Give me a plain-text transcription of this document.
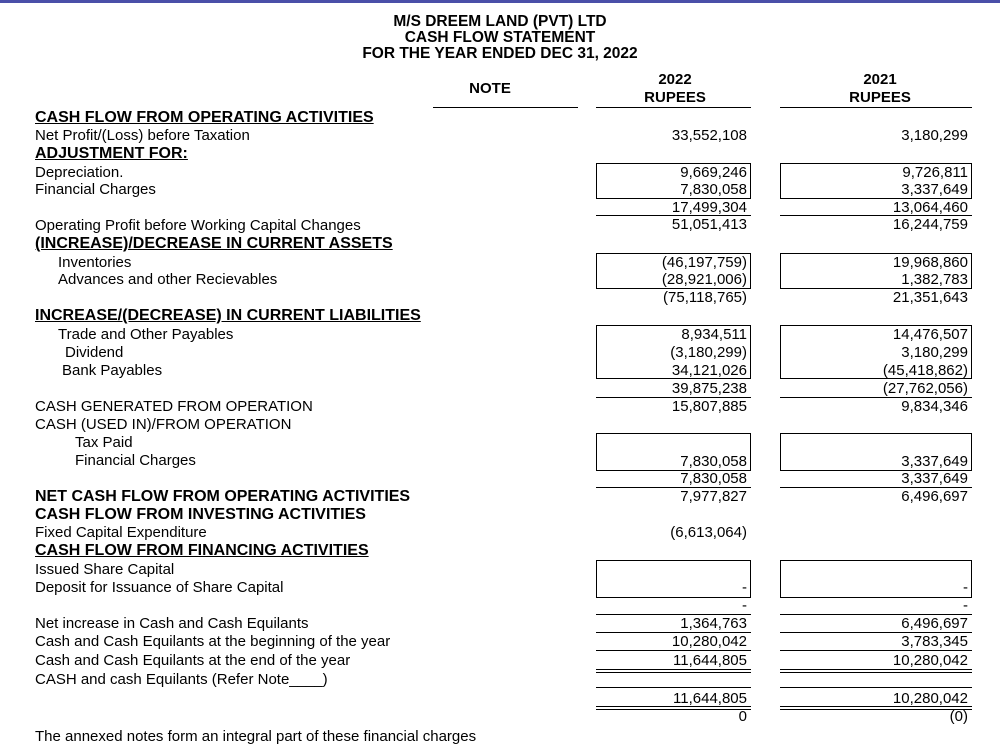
M/S DREEM LAND (PVT) LTD
CASH FLOW STATEMENT
FOR THE YEAR ENDED DEC 31, 2022
NOTE
2022
RUPEES
2021
RUPEES
CASH FLOW FROM OPERATING ACTIVITIES
Net Profit/(Loss) before Taxation	33,552,108	3,180,299
ADJUSTMENT FOR:
Depreciation.	9,669,246	9,726,811
Financial Charges	7,830,058	3,337,649
17,499,304	13,064,460
Operating Profit before Working Capital Changes	51,051,413	16,244,759
(INCREASE)/DECREASE IN CURRENT ASSETS
Inventories	(46,197,759)	19,968,860
Advances and other Recievables	(28,921,006)	1,382,783
(75,118,765)	21,351,643
INCREASE/(DECREASE) IN CURRENT LIABILITIES
Trade and Other Payables	8,934,511	14,476,507
Dividend	(3,180,299)	3,180,299
Bank Payables	34,121,026	(45,418,862)
39,875,238	(27,762,056)
CASH GENERATED FROM OPERATION	15,807,885	9,834,346
CASH (USED IN)/FROM OPERATION
Tax Paid
Financial Charges	7,830,058	3,337,649
7,830,058	3,337,649
NET CASH FLOW FROM OPERATING ACTIVITIES	7,977,827	6,496,697
CASH FLOW FROM INVESTING ACTIVITIES
Fixed Capital Expenditure	(6,613,064)
CASH FLOW FROM FINANCING ACTIVITIES
Issued Share Capital
Deposit for Issuance of Share Capital	-	-
-	-
Net increase in Cash and Cash Equilants	1,364,763	6,496,697
Cash and Cash Equilants at the beginning of the year	10,280,042	3,783,345
Cash and Cash Equilants at the end of the year	11,644,805	10,280,042
CASH and cash Equilants (Refer Note____)
11,644,805	10,280,042
0	(0)
The annexed notes form an integral part of these financial charges
